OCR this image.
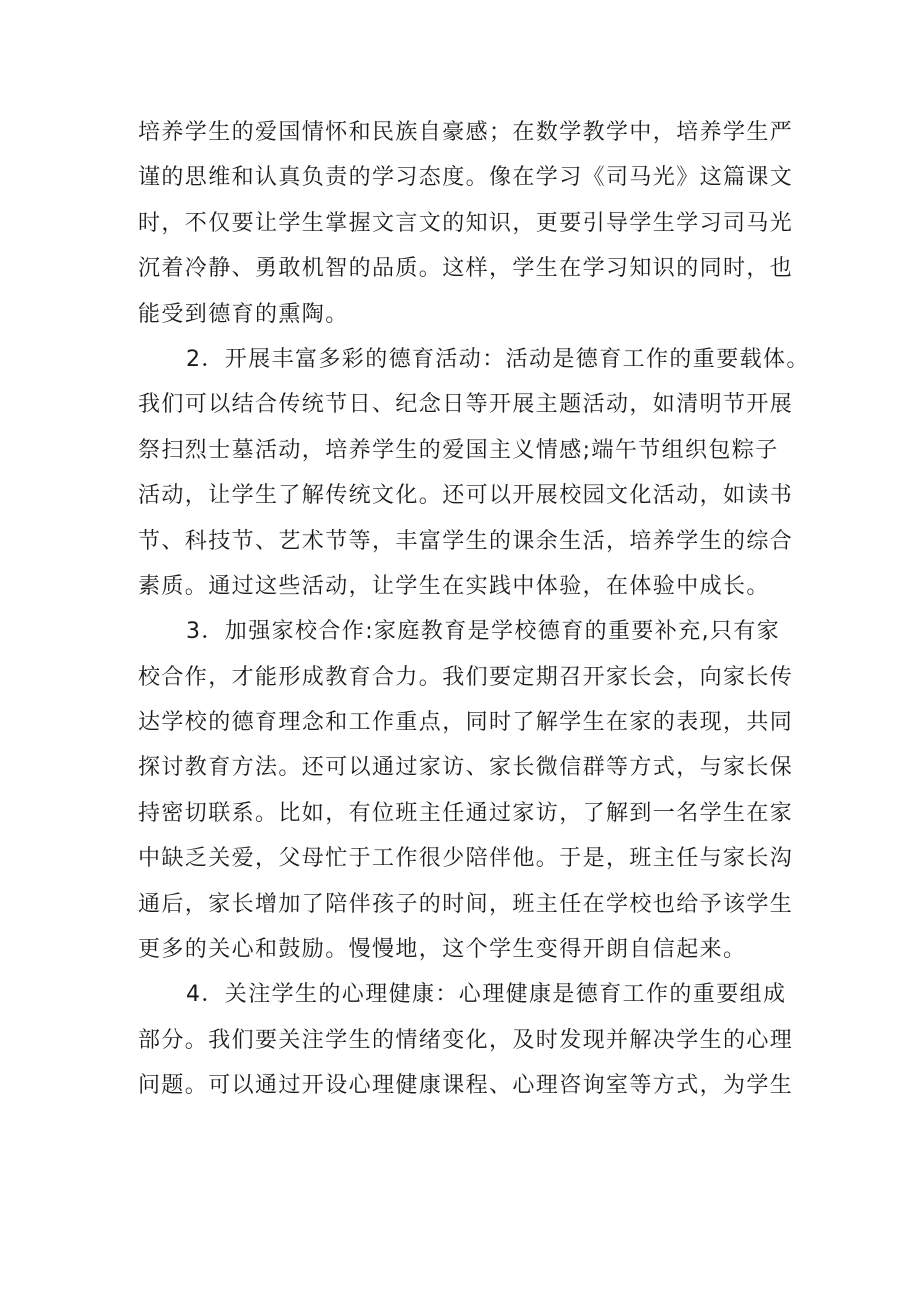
培养学生的爱国情怀和民族自豪感；在数学教学中，培养学生严
谨的思维和认真负责的学习态度。像在学习《司马光》这篇课文
时，不仅要让学生掌握文言文的知识，更要引导学生学习司马光
沉着冷静、勇敢机智的品质。这样，学生在学习知识的同时，也
能受到德育的熏陶。
2．开展丰富多彩的德育活动：活动是德育工作的重要载体。
我们可以结合传统节日、纪念日等开展主题活动，如清明节开展
祭扫烈士墓活动，培养学生的爱国主义情感;端午节组织包粽子
活动，让学生了解传统文化。还可以开展校园文化活动，如读书
节、科技节、艺术节等，丰富学生的课余生活，培养学生的综合
素质。通过这些活动，让学生在实践中体验，在体验中成长。
3．加强家校合作:家庭教育是学校德育的重要补充,只有家
校合作，才能形成教育合力。我们要定期召开家长会，向家长传
达学校的德育理念和工作重点，同时了解学生在家的表现，共同
探讨教育方法。还可以通过家访、家长微信群等方式，与家长保
持密切联系。比如，有位班主任通过家访，了解到一名学生在家
中缺乏关爱，父母忙于工作很少陪伴他。于是，班主任与家长沟
通后，家长增加了陪伴孩子的时间，班主任在学校也给予该学生
更多的关心和鼓励。慢慢地，这个学生变得开朗自信起来。
4．关注学生的心理健康：心理健康是德育工作的重要组成
部分。我们要关注学生的情绪变化，及时发现并解决学生的心理
问题。可以通过开设心理健康课程、心理咨询室等方式，为学生
